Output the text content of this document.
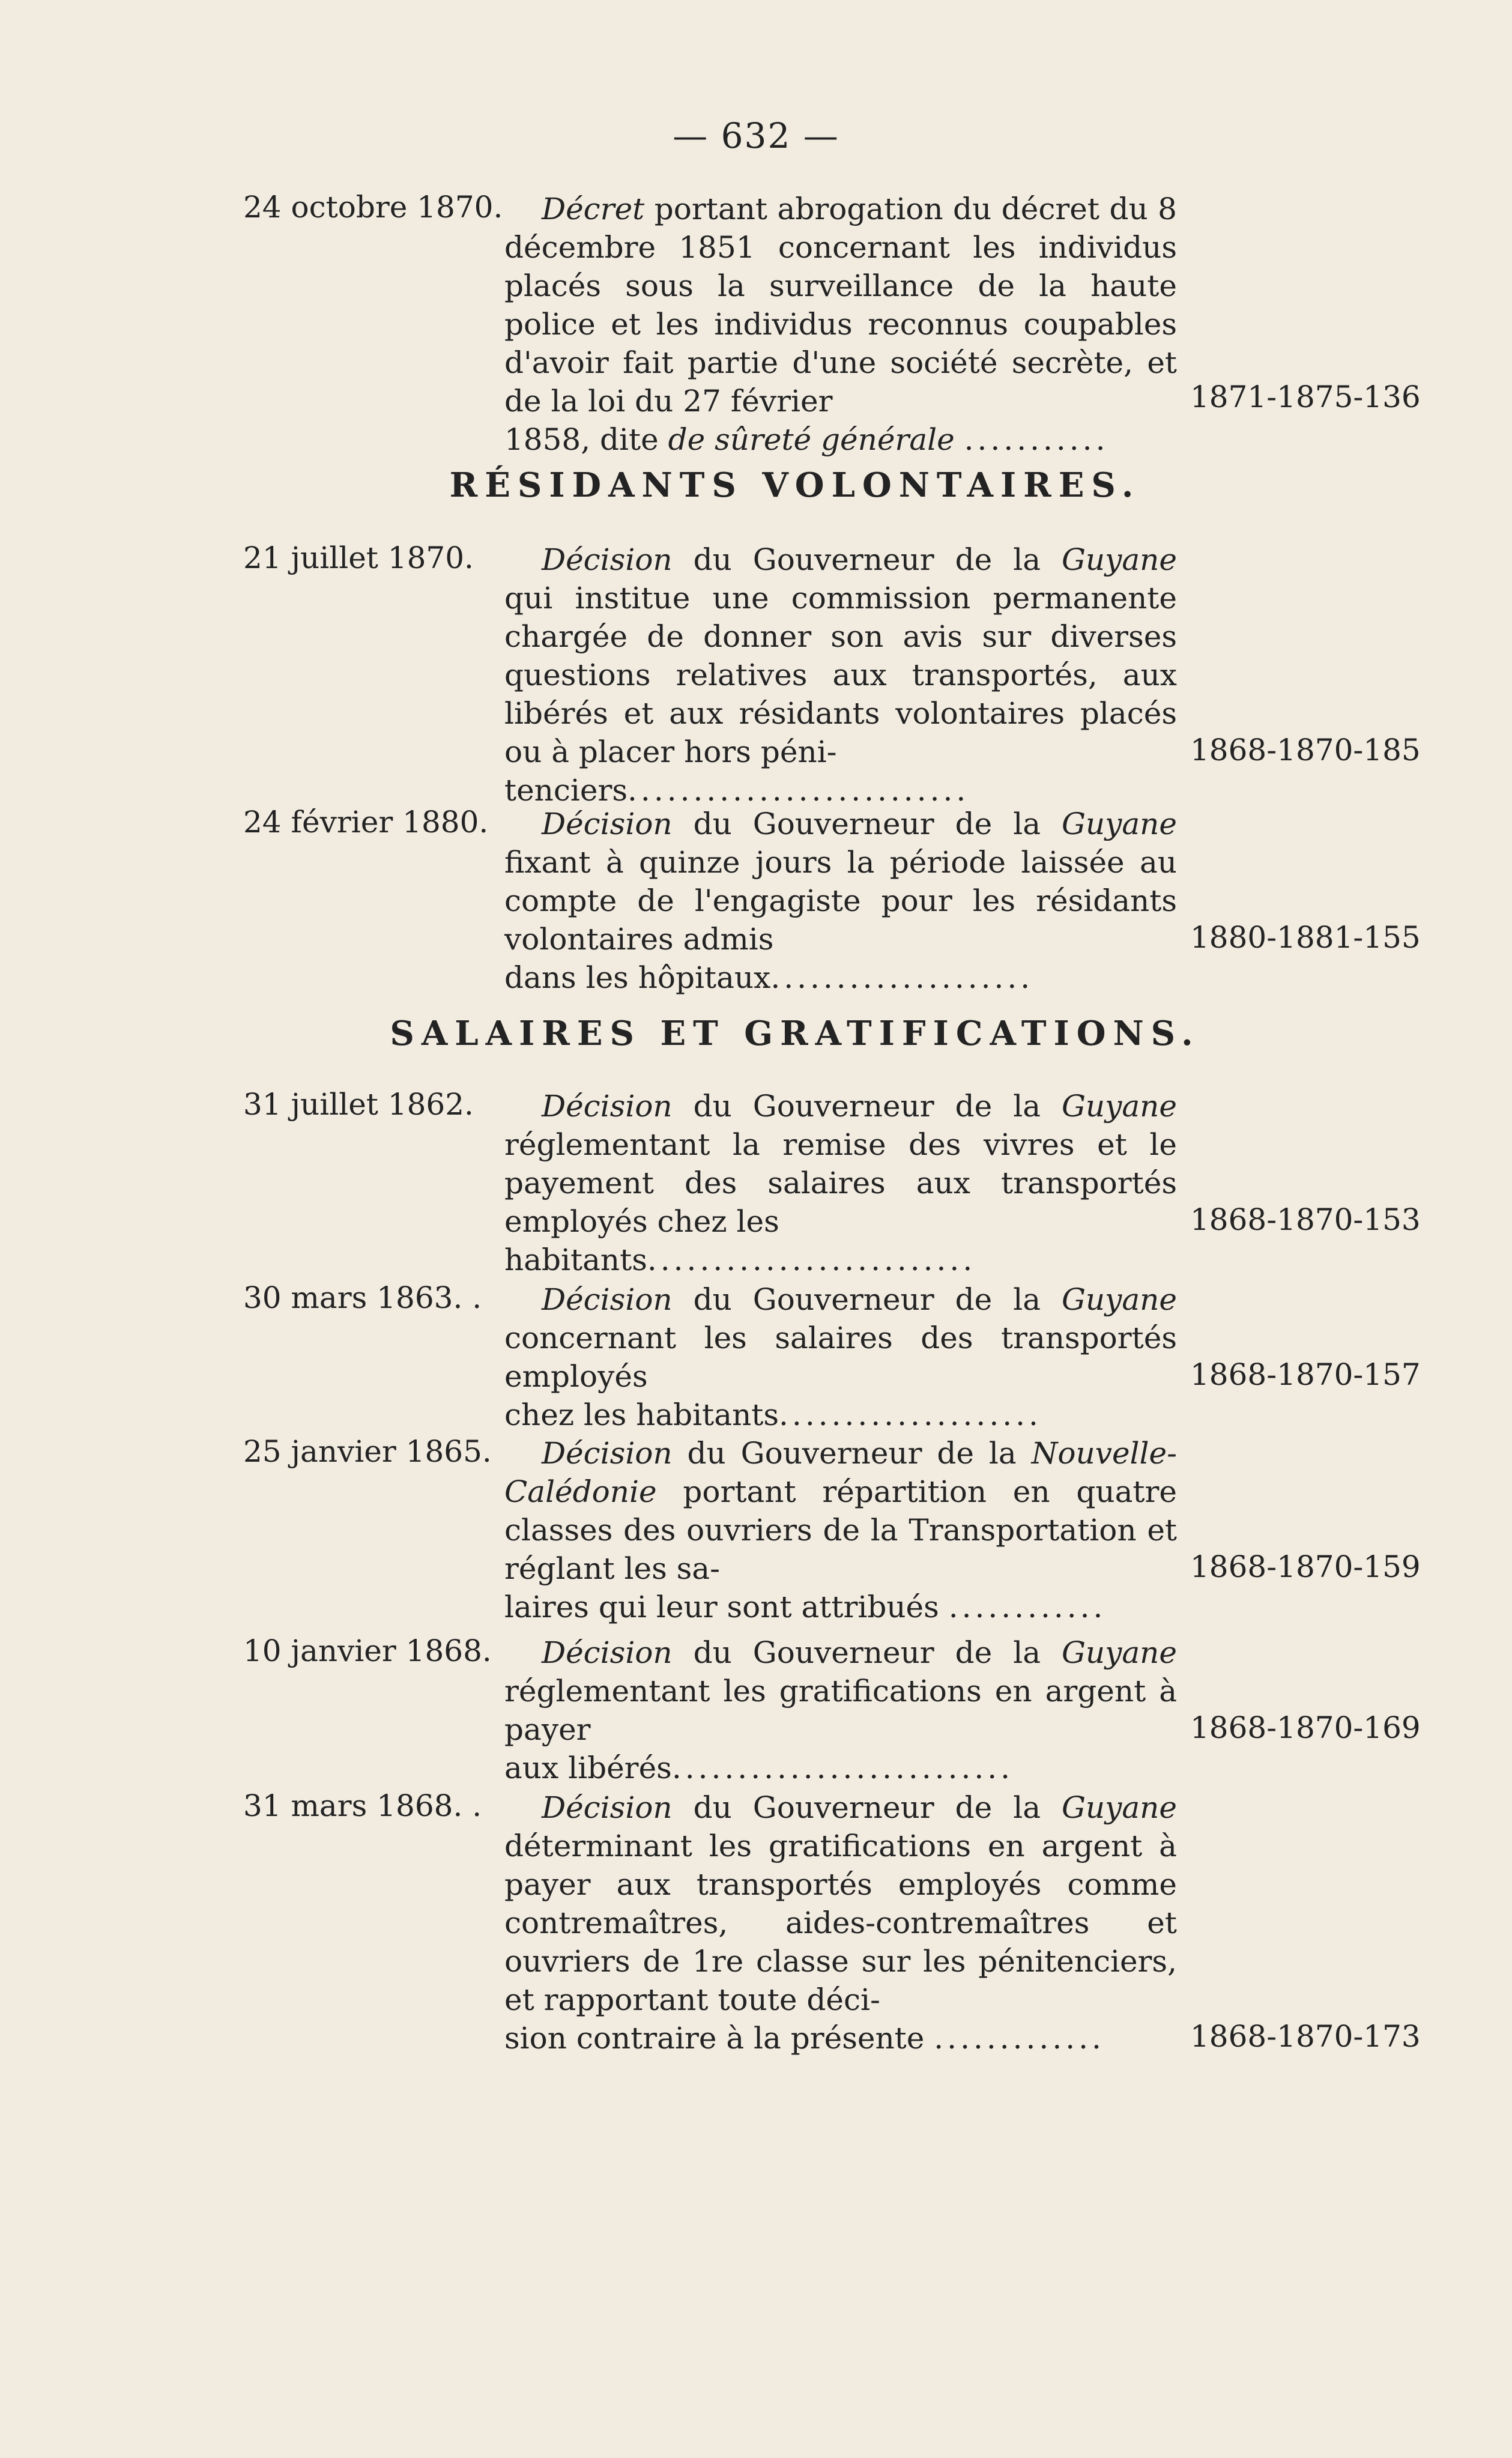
— 632 —
24 octobre 1870.	Décret portant abrogation du décret du 8 décembre 1851 concernant les individus placés sous la surveillance de la haute police et les individus reconnus coupables d'avoir fait partie d'une société secrète, et de la loi du 27 février
1858, dite de sûreté générale ...........
1871-1875-136
RÉSIDANTS VOLONTAIRES.
21 juillet 1870.	Décision du Gouverneur de la Guyane qui institue une commission permanente chargée de donner son avis sur diverses questions relatives aux transportés, aux libérés et aux résidants volontaires placés ou à placer hors péni-
tenciers..........................
1868-1870-185
24 février 1880.	Décision du Gouverneur de la Guyane fixant à quinze jours la période laissée au compte de l'engagiste pour les résidants volontaires admis
dans les hôpitaux....................
1880-1881-155
SALAIRES ET GRATIFICATIONS.
31 juillet 1862.	Décision du Gouverneur de la Guyane réglementant la remise des vivres et le payement des salaires aux transportés employés chez les
habitants.........................
1868-1870-153
30 mars 1863. .	Décision du Gouverneur de la Guyane concernant les salaires des transportés employés
chez les habitants....................
1868-1870-157
25 janvier 1865.	Décision du Gouverneur de la Nouvelle-Calédonie portant répartition en quatre classes des ouvriers de la Transportation et réglant les sa-
laires qui leur sont attribués ............
1868-1870-159
10 janvier 1868.	Décision du Gouverneur de la Guyane réglementant les gratifications en argent à payer
aux libérés..........................
1868-1870-169
31 mars 1868. .	Décision du Gouverneur de la Guyane déterminant les gratifications en argent à payer aux transportés employés comme contremaîtres, aides-contremaîtres et ouvriers de 1re classe sur les pénitenciers, et rapportant toute déci-
sion contraire à la présente .............	1868-1870-173
